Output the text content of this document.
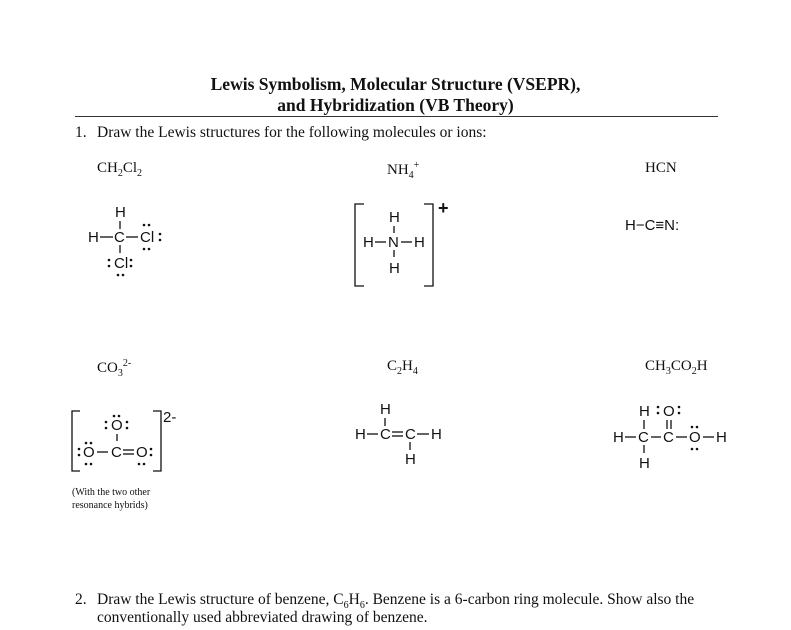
Lewis Symbolism, Molecular Structure (VSEPR),
and Hybridization (VB Theory)
1. Draw the Lewis structures for the following molecules or ions:
$CH_2Cl_2$	$NH_4^+$	HCN
H
H C Cl
Cl
+
H
H N H
H
H−C≡N:
$CO_3^{2-}$	$C_2H_4$	$CH_3CO_2H$
2-
O
O C O
(With the two other
resonance hybrids)
H
H C C H
H
H
H C
H
C
O
O H
2. Draw the Lewis structure of benzene, $C_6H_6$. Benzene is a 6-carbon ring molecule. Show also the
conventionally used abbreviated drawing of benzene.
